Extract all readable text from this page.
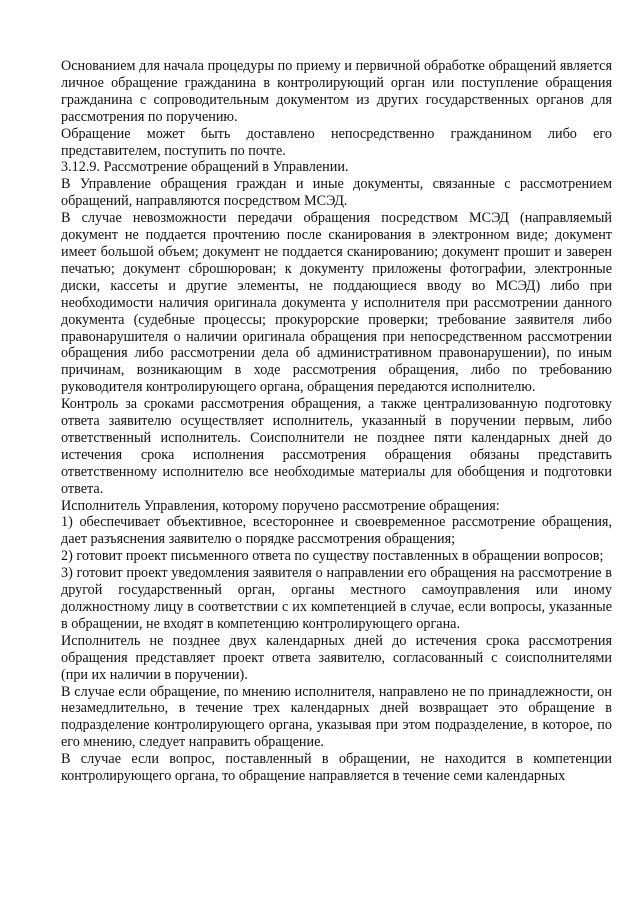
Основанием для начала процедуры по приему и первичной обработке обращений является личное обращение гражданина в контролирующий орган или поступление обращения гражданина с сопроводительным документом из других государственных органов для рассмотрения по поручению.

Обращение может быть доставлено непосредственно гражданином либо его представителем, поступить по почте.

3.12.9. Рассмотрение обращений в Управлении.

В Управление обращения граждан и иные документы, связанные с рассмотрением обращений, направляются посредством МСЭД.

В случае невозможности передачи обращения посредством МСЭД (направляемый документ не поддается прочтению после сканирования в электронном виде; документ имеет большой объем; документ не поддается сканированию; документ прошит и заверен печатью; документ сброшюрован; к документу приложены фотографии, электронные диски, кассеты и другие элементы, не поддающиеся вводу во МСЭД) либо при необходимости наличия оригинала документа у исполнителя при рассмотрении данного документа (судебные процессы; прокурорские проверки; требование заявителя либо правонарушителя о наличии оригинала обращения при непосредственном рассмотрении обращения либо рассмотрении дела об административном правонарушении), по иным причинам, возникающим в ходе рассмотрения обращения, либо по требованию руководителя контролирующего органа, обращения передаются исполнителю.

Контроль за сроками рассмотрения обращения, а также централизованную подготовку ответа заявителю осуществляет исполнитель, указанный в поручении первым, либо ответственный исполнитель. Соисполнители не позднее пяти календарных дней до истечения срока исполнения рассмотрения обращения обязаны представить ответственному исполнителю все необходимые материалы для обобщения и подготовки ответа.

Исполнитель Управления, которому поручено рассмотрение обращения:

1) обеспечивает объективное, всестороннее и своевременное рассмотрение обращения, дает разъяснения заявителю о порядке рассмотрения обращения;

2) готовит проект письменного ответа по существу поставленных в обращении вопросов;

3) готовит проект уведомления заявителя о направлении его обращения на рассмотрение в другой государственный орган, органы местного самоуправления или иному должностному лицу в соответствии с их компетенцией в случае, если вопросы, указанные в обращении, не входят в компетенцию контролирующего органа.

Исполнитель не позднее двух календарных дней до истечения срока рассмотрения обращения представляет проект ответа заявителю, согласованный с соисполнителями (при их наличии в поручении).

В случае если обращение, по мнению исполнителя, направлено не по принадлежности, он незамедлительно, в течение трех календарных дней возвращает это обращение в подразделение контролирующего органа, указывая при этом подразделение, в которое, по его мнению, следует направить обращение.

В случае если вопрос, поставленный в обращении, не находится в компетенции контролирующего органа, то обращение направляется в течение семи календарных
